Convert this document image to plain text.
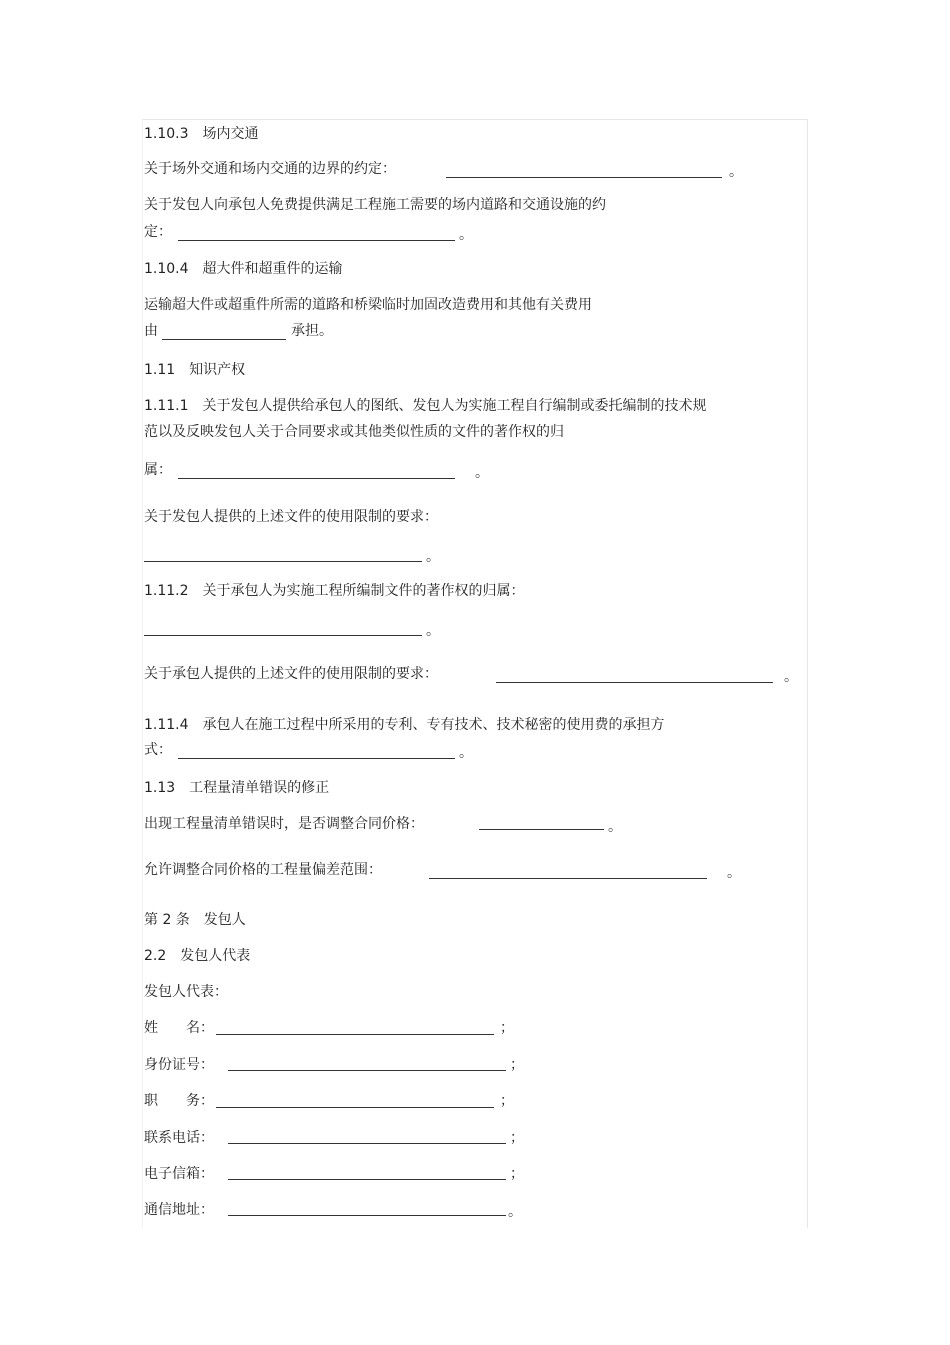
1.10.3　场内交通
关于场外交通和场内交通的边界的约定：	。
关于发包人向承包人免费提供满足工程施工需要的场内道路和交通设施的约
定：	。
1.10.4　超大件和超重件的运输
运输超大件或超重件所需的道路和桥梁临时加固改造费用和其他有关费用
由	承担。
1.11　知识产权
1.11.1　关于发包人提供给承包人的图纸、发包人为实施工程自行编制或委托编制的技术规
范以及反映发包人关于合同要求或其他类似性质的文件的著作权的归
属：	。
关于发包人提供的上述文件的使用限制的要求：
。
1.11.2　关于承包人为实施工程所编制文件的著作权的归属：
。
关于承包人提供的上述文件的使用限制的要求：	。
1.11.4　承包人在施工过程中所采用的专利、专有技术、技术秘密的使用费的承担方
式：	。
1.13　工程量清单错误的修正
出现工程量清单错误时，是否调整合同价格：	。
允许调整合同价格的工程量偏差范围：	。
第 2 条　发包人
2.2　发包人代表
发包人代表：
姓　　名：	；
身份证号：	；
职　　务：	；
联系电话：	；
电子信箱：	；
通信地址：	。
